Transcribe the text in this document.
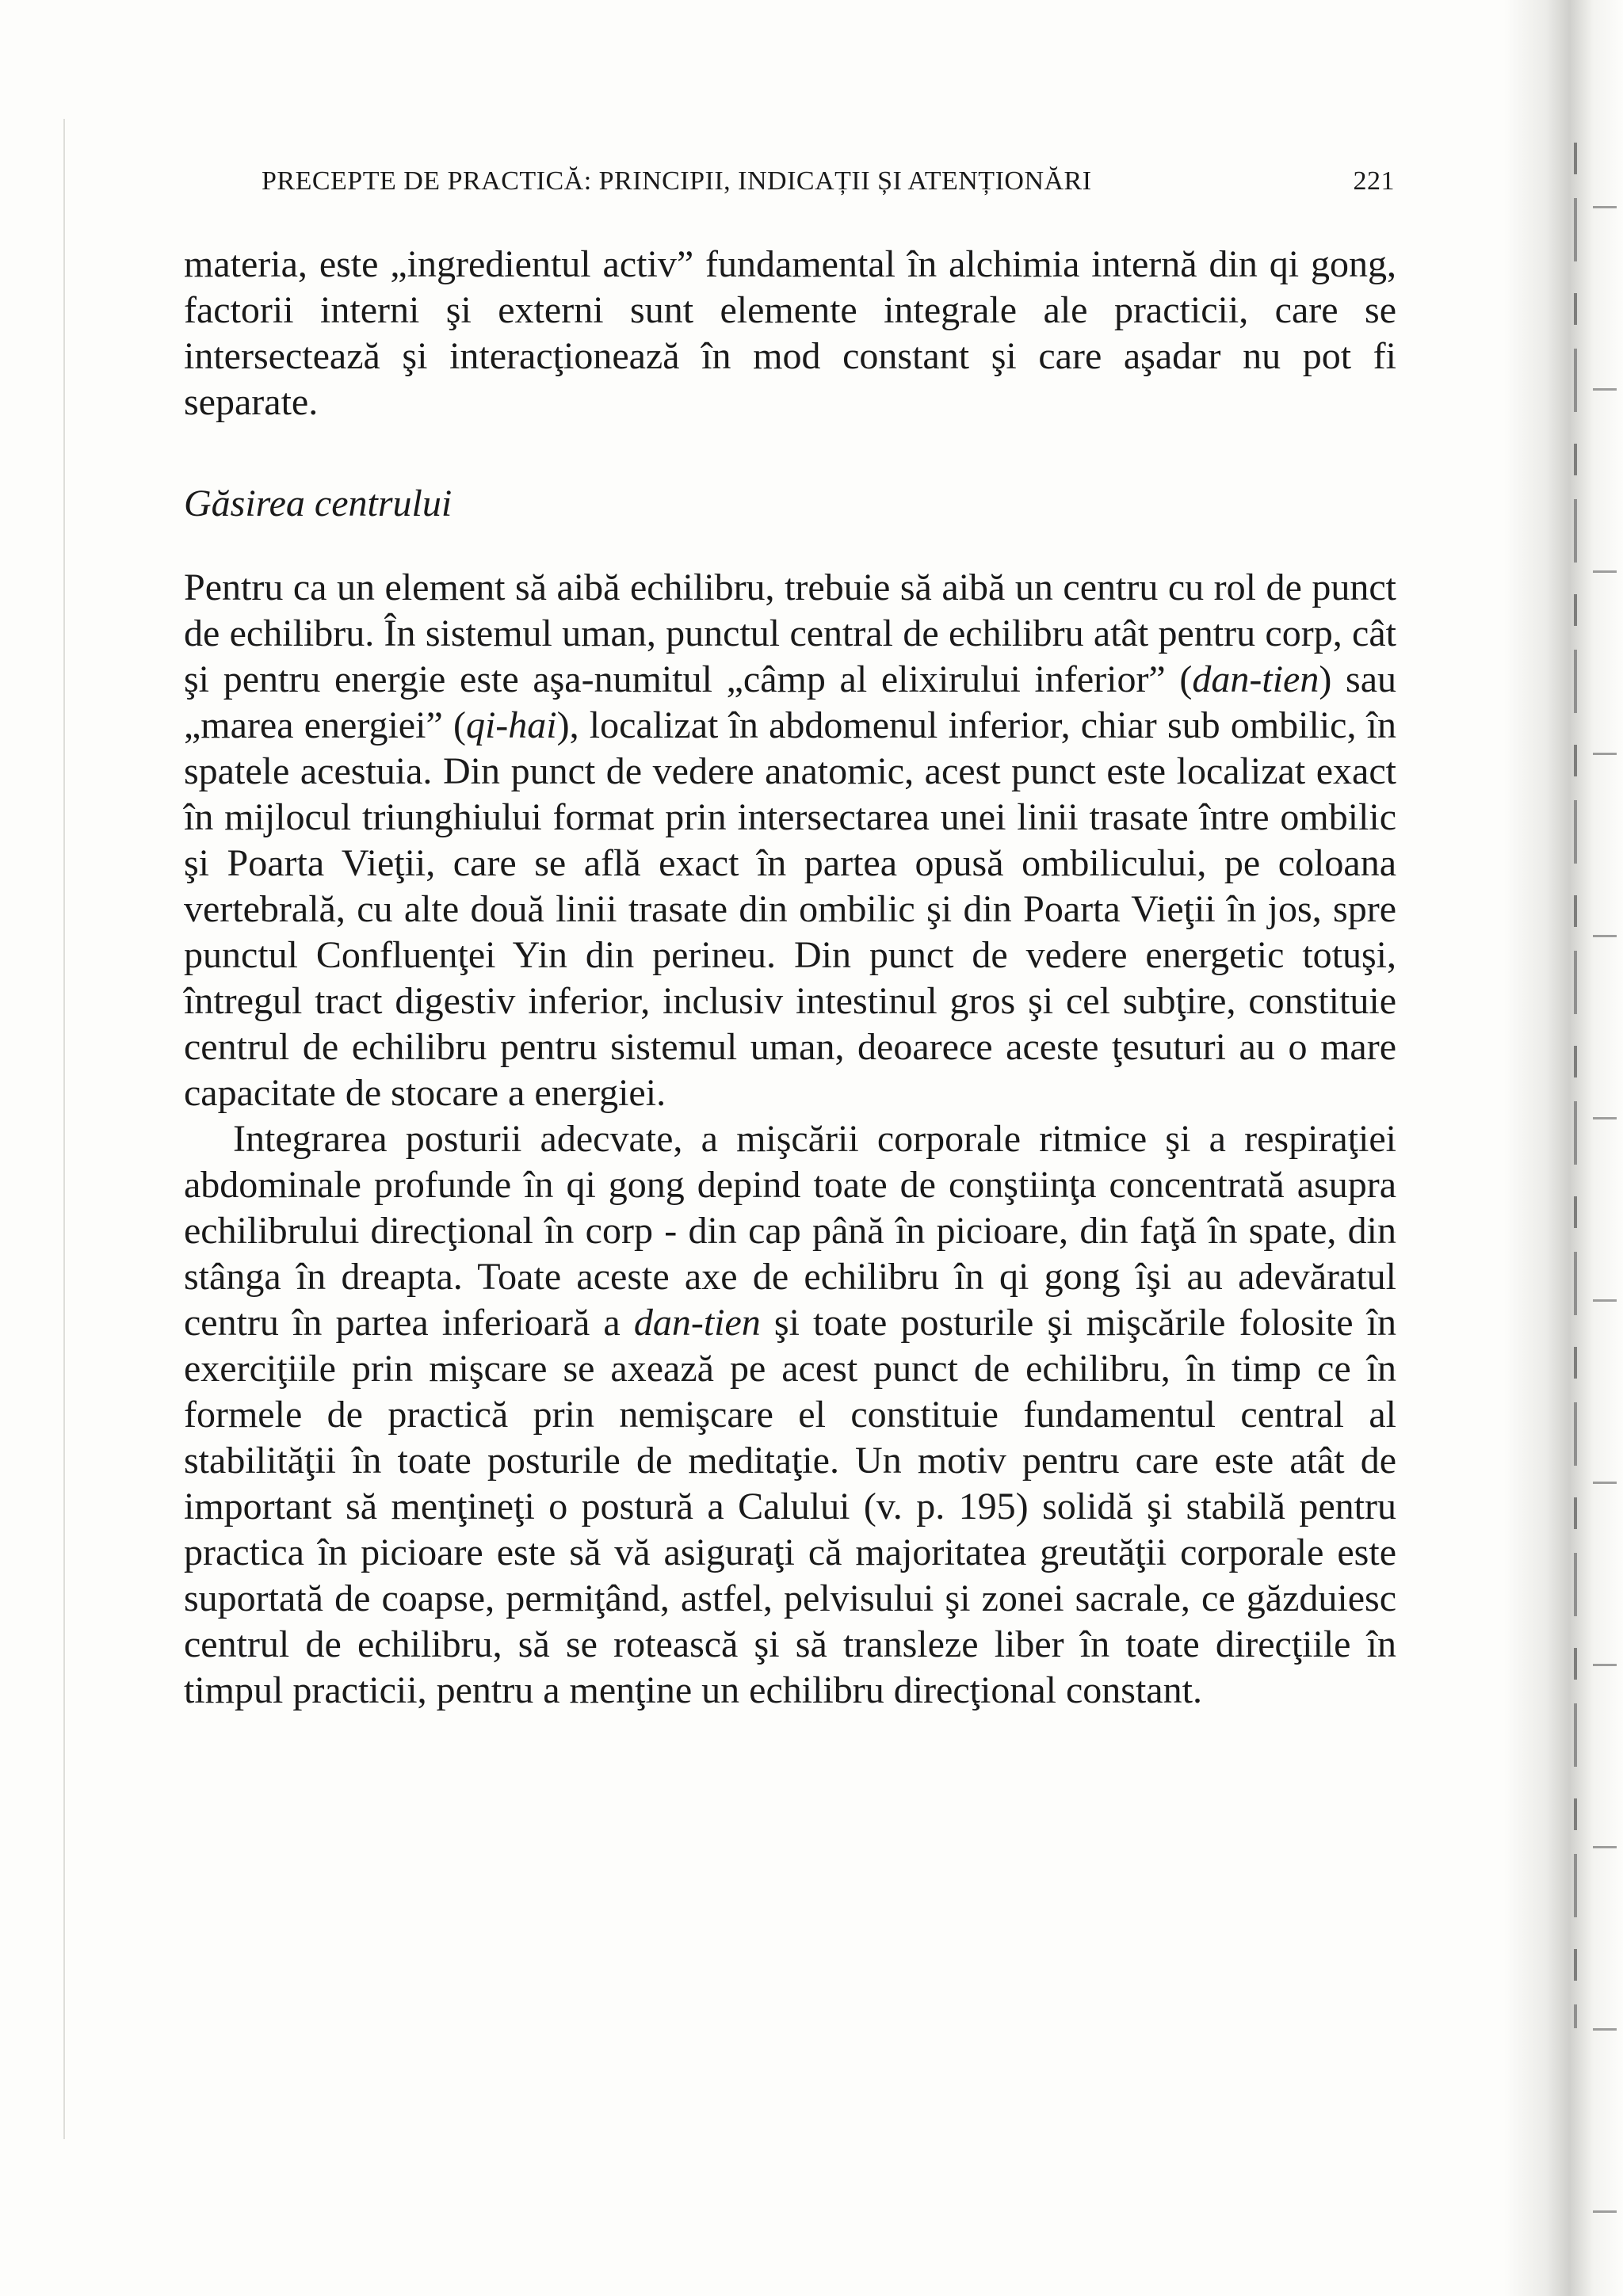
PRECEPTE DE PRACTICĂ: PRINCIPII, INDICAȚII ȘI ATENȚIONĂRI	221

materia, este „ingredientul activ” fundamental în alchimia internă din qi gong, factorii interni şi externi sunt elemente integrale ale practicii, care se intersectează şi interacţionează în mod constant şi care aşadar nu pot fi separate.

Găsirea centrului

Pentru ca un element să aibă echilibru, trebuie să aibă un centru cu rol de punct de echilibru. În sistemul uman, punctul central de echilibru atât pentru corp, cât şi pentru energie este aşa-numitul „câmp al elixirului inferior” (dan-tien) sau „marea energiei” (qi-hai), localizat în abdomenul inferior, chiar sub ombilic, în spatele acestuia. Din punct de vedere anatomic, acest punct este localizat exact în mijlocul triunghiului format prin intersectarea unei linii trasate între ombilic şi Poarta Vieţii, care se află exact în partea opusă ombilicului, pe coloana vertebrală, cu alte două linii trasate din ombilic şi din Poarta Vieţii în jos, spre punctul Confluenţei Yin din perineu. Din punct de vedere energetic totuşi, întregul tract digestiv inferior, inclusiv intestinul gros şi cel subţire, constituie centrul de echilibru pentru sistemul uman, deoarece aceste ţesuturi au o mare capacitate de stocare a energiei.

Integrarea posturii adecvate, a mişcării corporale ritmice şi a respiraţiei abdominale profunde în qi gong depind toate de conştiinţa concentrată asupra echilibrului direcţional în corp - din cap până în picioare, din faţă în spate, din stânga în dreapta. Toate aceste axe de echilibru în qi gong îşi au adevăratul centru în partea inferioară a dan-tien şi toate posturile şi mişcările folosite în exerciţiile prin mişcare se axează pe acest punct de echilibru, în timp ce în formele de practică prin nemişcare el constituie fundamentul central al stabilităţii în toate posturile de meditaţie. Un motiv pentru care este atât de important să menţineţi o postură a Calului (v. p. 195) solidă şi stabilă pentru practica în picioare este să vă asiguraţi că majoritatea greutăţii corporale este suportată de coapse, permiţând, astfel, pelvisului şi zonei sacrale, ce găzduiesc centrul de echilibru, să se rotească şi să transleze liber în toate direcţiile în timpul practicii, pentru a menţine un echilibru direcţional constant.
